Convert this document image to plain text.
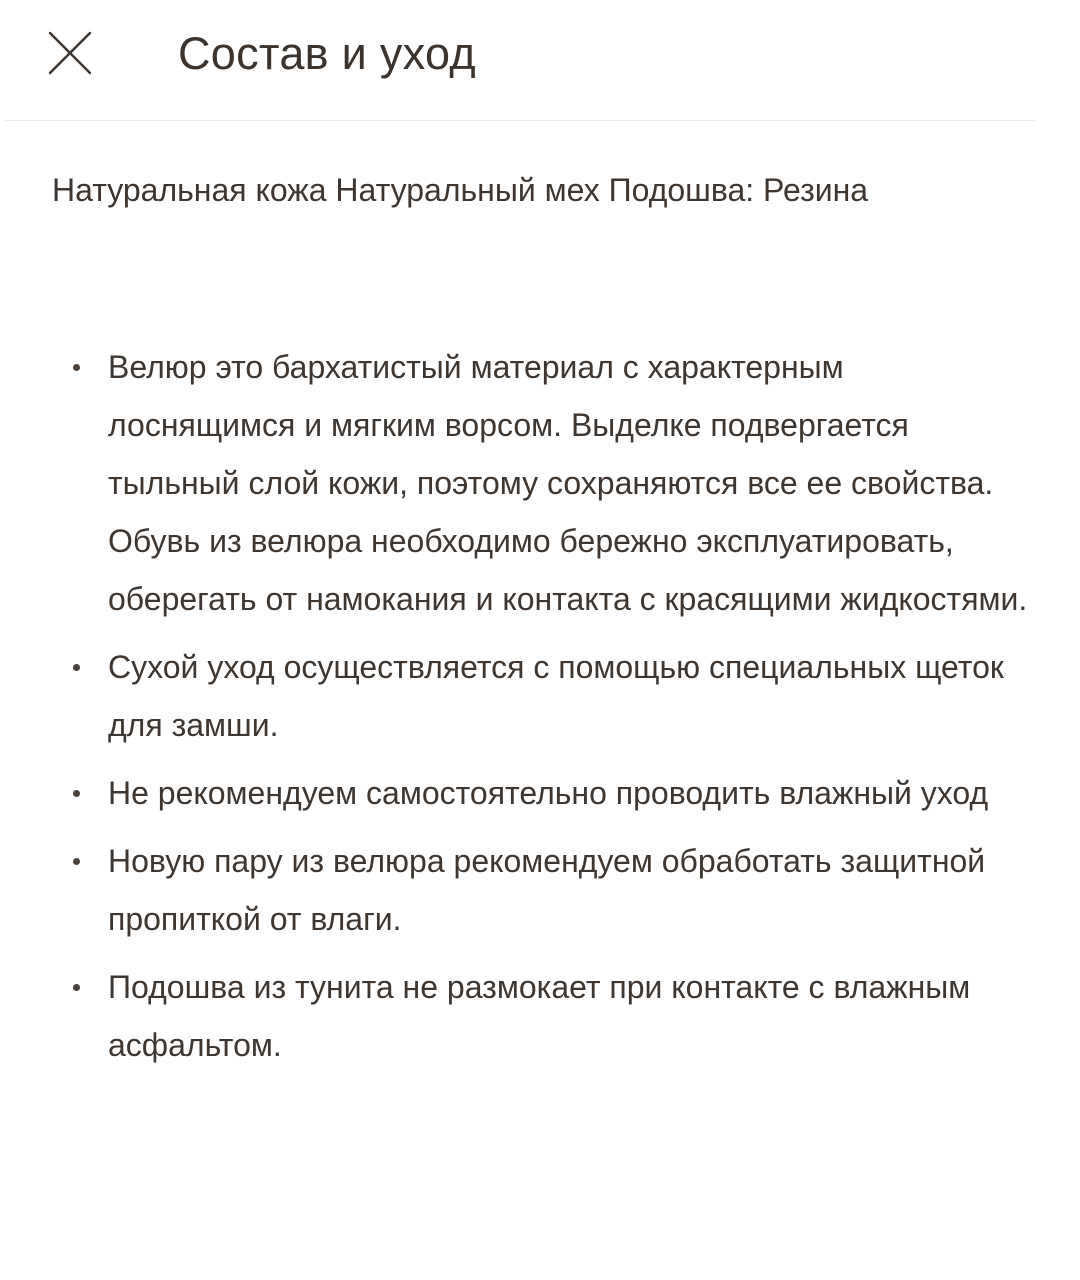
Состав и уход
Натуральная кожа Натуральный мех Подошва: Резина
Велюр это бархатистый материал с характерным лоснящимся и мягким ворсом. Выделке подвергается тыльный слой кожи, поэтому сохраняются все ее свойства. Обувь из велюра необходимо бережно эксплуатировать, оберегать от намокания и контакта с красящими жидкостями.
Сухой уход осуществляется с помощью специальных щеток для замши.
Не рекомендуем самостоятельно проводить влажный уход
Новую пару из велюра рекомендуем обработать защитной пропиткой от влаги.
Подошва из тунита не размокает при контакте с влажным асфальтом.
